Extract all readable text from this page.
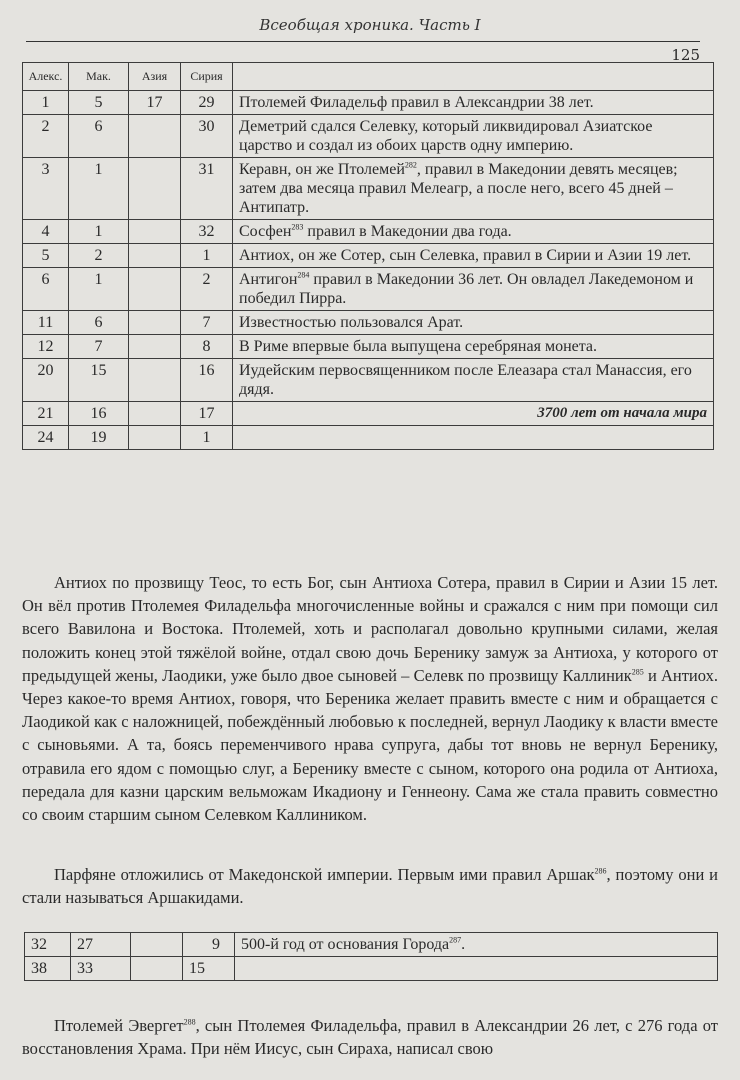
Всеобщая хроника. Часть I
125
Алекс.	Мак.	Азия	Сирия	
1	5	17	29	Птолемей Филадельф правил в Александрии 38 лет.
2	6		30	Деметрий сдался Селевку, который ликвидировал Азиатское царство и создал из обоих царств одну империю.
3	1		31	Кеpавн, он же Птолемей$^{282}$, правил в Македонии девять месяцев; затем два месяца правил Мелеагр, а после него, всего 45 дней – Антипатр.
4	1		32	Сосфен$^{283}$ правил в Македонии два года.
5	2		1	Антиох, он же Сотер, сын Селевка, правил в Сирии и Азии 19 лет.
6	1		2	Антигон$^{284}$ правил в Македонии 36 лет. Он овладел Лакедемоном и победил Пирра.
11	6		7	Известностью пользовался Арат.
12	7		8	В Риме впервые была выпущена серебряная монета.
20	15		16	Иудейским первосвященником после Елеазара стал Манассия, его дядя.
21	16		17	3700 лет от начала мира
24	19		1	

Антиох по прозвищу Теос, то есть Бог, сын Антиоха Сотера, правил в Сирии и Азии 15 лет. Он вёл против Птолемея Филадельфа многочисленные войны и сражался с ним при помощи сил всего Вавилона и Востока. Птолемей, хоть и располагал довольно крупными силами, желая положить конец этой тяжёлой войне, отдал свою дочь Беренику замуж за Антиоха, у которого от предыдущей жены, Лаодики, уже было двое сыновей – Селевк по прозвищу Каллиник$^{285}$ и Антиох. Через какое-то время Антиох, говоря, что Береника желает править вместе с ним и обращается с Лаодикой как с наложницей, побеждённый любовью к последней, вернул Лаодику к власти вместе с сыновьями. А та, боясь переменчивого нрава супруга, дабы тот вновь не вернул Беренику, отравила его ядом с помощью слуг, а Беренику вместе с сыном, которого она родила от Антиоха, передала для казни царским вельможам Икадиону и Геннеону. Сама же стала править совместно со своим старшим сыном Селевком Каллиником.

Парфяне отложились от Македонской империи. Первым ими правил Аршак$^{286}$, поэтому они и стали называться Аршакидами.

32	27		9	500-й год от основания Города$^{287}$.
38	33		15	

Птолемей Эвергет$^{288}$, сын Птолемея Филадельфа, правил в Александрии 26 лет, с 276 года от восстановления Храма. При нём Иисус, сын Сираха, написал свою
